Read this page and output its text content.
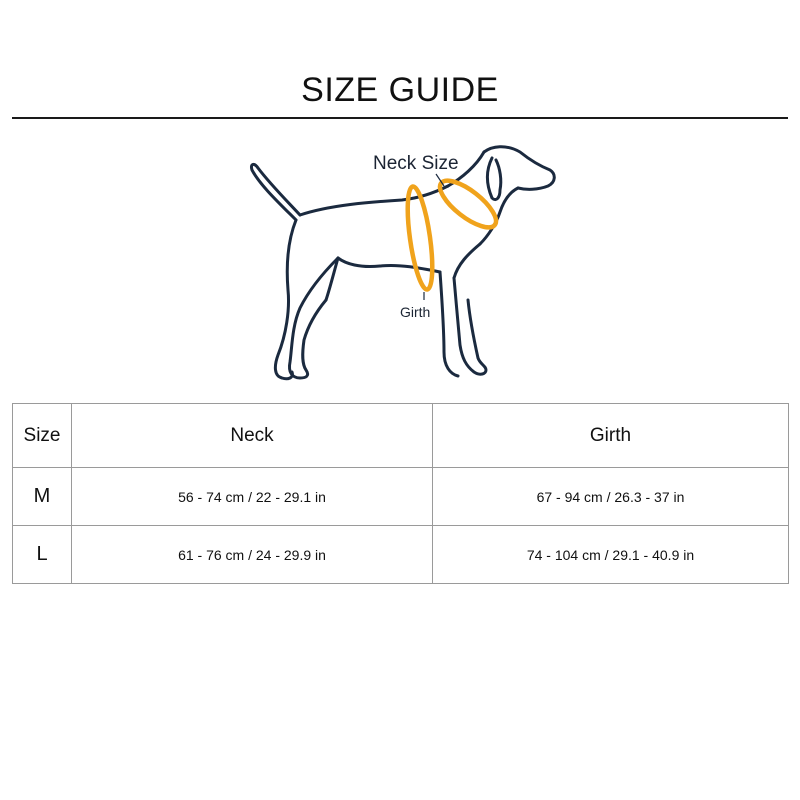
SIZE GUIDE
Neck Size
Girth
Size	Neck	Girth
M	56 - 74 cm / 22 - 29.1 in	67 - 94 cm / 26.3 - 37 in
L	61 - 76 cm / 24 - 29.9 in	74 - 104 cm / 29.1 - 40.9 in
